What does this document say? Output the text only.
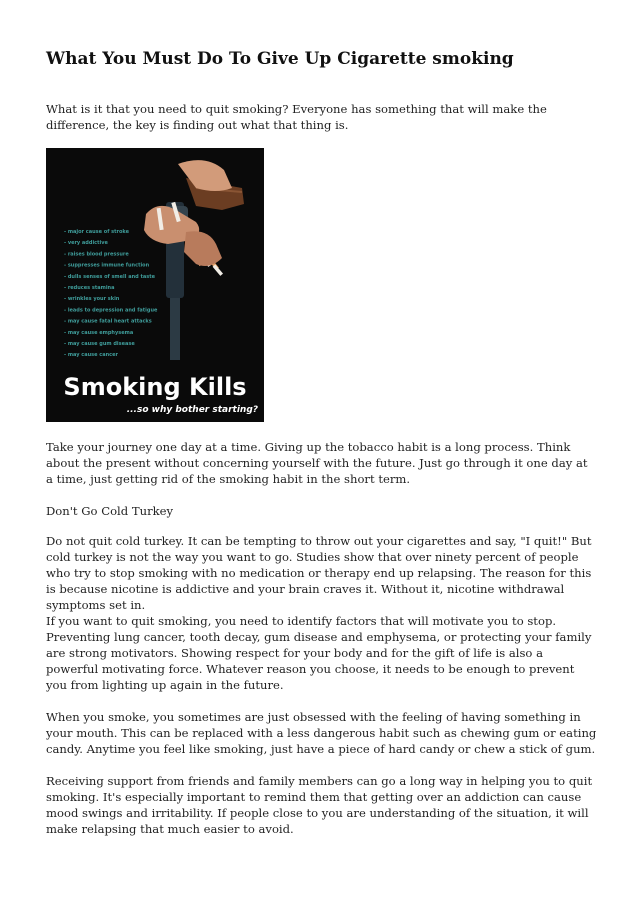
What You Must Do To Give Up Cigarette smoking

What is it that you need to quit smoking? Everyone has something that will make the difference, the key is finding out what that thing is.

- major cause of stroke
- very addictive
- raises blood pressure
- suppresses immune function
- dulls senses of smell and taste
- reduces stamina
- wrinkles your skin
- leads to depression and fatigue
- may cause fatal heart attacks
- may cause emphysema
- may cause gum disease
- may cause cancer
Smoking Kills
...so why bother starting?

Take your journey one day at a time. Giving up the tobacco habit is a long process. Think about the present without concerning yourself with the future. Just go through it one day at a time, just getting rid of the smoking habit in the short term.

Don't Go Cold Turkey

Do not quit cold turkey. It can be tempting to throw out your cigarettes and say, "I quit!" But cold turkey is not the way you want to go. Studies show that over ninety percent of people who try to stop smoking with no medication or therapy end up relapsing. The reason for this is because nicotine is addictive and your brain craves it. Without it, nicotine withdrawal symptoms set in.

If you want to quit smoking, you need to identify factors that will motivate you to stop. Preventing lung cancer, tooth decay, gum disease and emphysema, or protecting your family are strong motivators. Showing respect for your body and for the gift of life is also a powerful motivating force. Whatever reason you choose, it needs to be enough to prevent you from lighting up again in the future.

When you smoke, you sometimes are just obsessed with the feeling of having something in your mouth. This can be replaced with a less dangerous habit such as chewing gum or eating candy. Anytime you feel like smoking, just have a piece of hard candy or chew a stick of gum.

Receiving support from friends and family members can go a long way in helping you to quit smoking. It's especially important to remind them that getting over an addiction can cause mood swings and irritability. If people close to you are understanding of the situation, it will make relapsing that much easier to avoid.
